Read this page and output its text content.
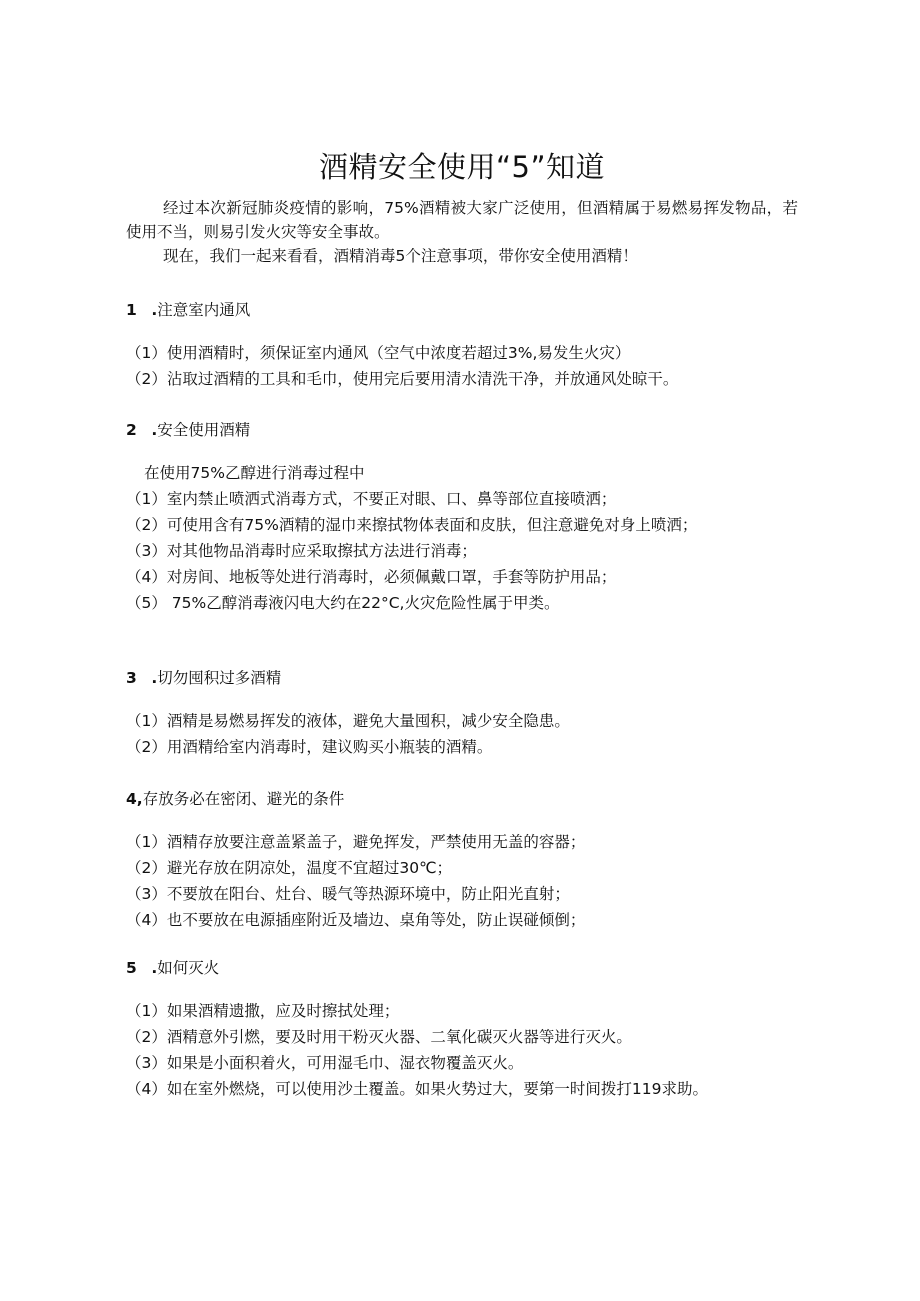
酒精安全使用“5”知道

经过本次新冠肺炎疫情的影响，75%酒精被大家广泛使用，但酒精属于易燃易挥发物品，若使用不当，则易引发火灾等安全事故。

现在，我们一起来看看，酒精消毒5个注意事项，带你安全使用酒精！

1 .注意室内通风

（1）使用酒精时，须保证室内通风（空气中浓度若超过3%,易发生火灾）

（2）沾取过酒精的工具和毛巾，使用完后要用清水清洗干净，并放通风处晾干。

2 .安全使用酒精

在使用75%乙醇进行消毒过程中

（1）室内禁止喷洒式消毒方式，不要正对眼、口、鼻等部位直接喷洒；

（2）可使用含有75%酒精的湿巾来擦拭物体表面和皮肤，但注意避免对身上喷洒；

（3）对其他物品消毒时应采取擦拭方法进行消毒；

（4）对房间、地板等处进行消毒时，必须佩戴口罩，手套等防护用品；

（5） 75%乙醇消毒液闪电大约在22°C,火灾危险性属于甲类。

3 .切勿囤积过多酒精

（1）酒精是易燃易挥发的液体，避免大量囤积，减少安全隐患。

（2）用酒精给室内消毒时，建议购买小瓶装的酒精。

4,存放务必在密闭、避光的条件

（1）酒精存放要注意盖紧盖子，避免挥发，严禁使用无盖的容器；

（2）避光存放在阴凉处，温度不宜超过30℃；

（3）不要放在阳台、灶台、暖气等热源环境中，防止阳光直射；

（4）也不要放在电源插座附近及墙边、桌角等处，防止误碰倾倒；

5 .如何灭火

（1）如果酒精遗撒，应及时擦拭处理；

（2）酒精意外引燃，要及时用干粉灭火器、二氧化碳灭火器等进行灭火。

（3）如果是小面积着火，可用湿毛巾、湿衣物覆盖灭火。

（4）如在室外燃烧，可以使用沙土覆盖。如果火势过大，要第一时间拨打119求助。
